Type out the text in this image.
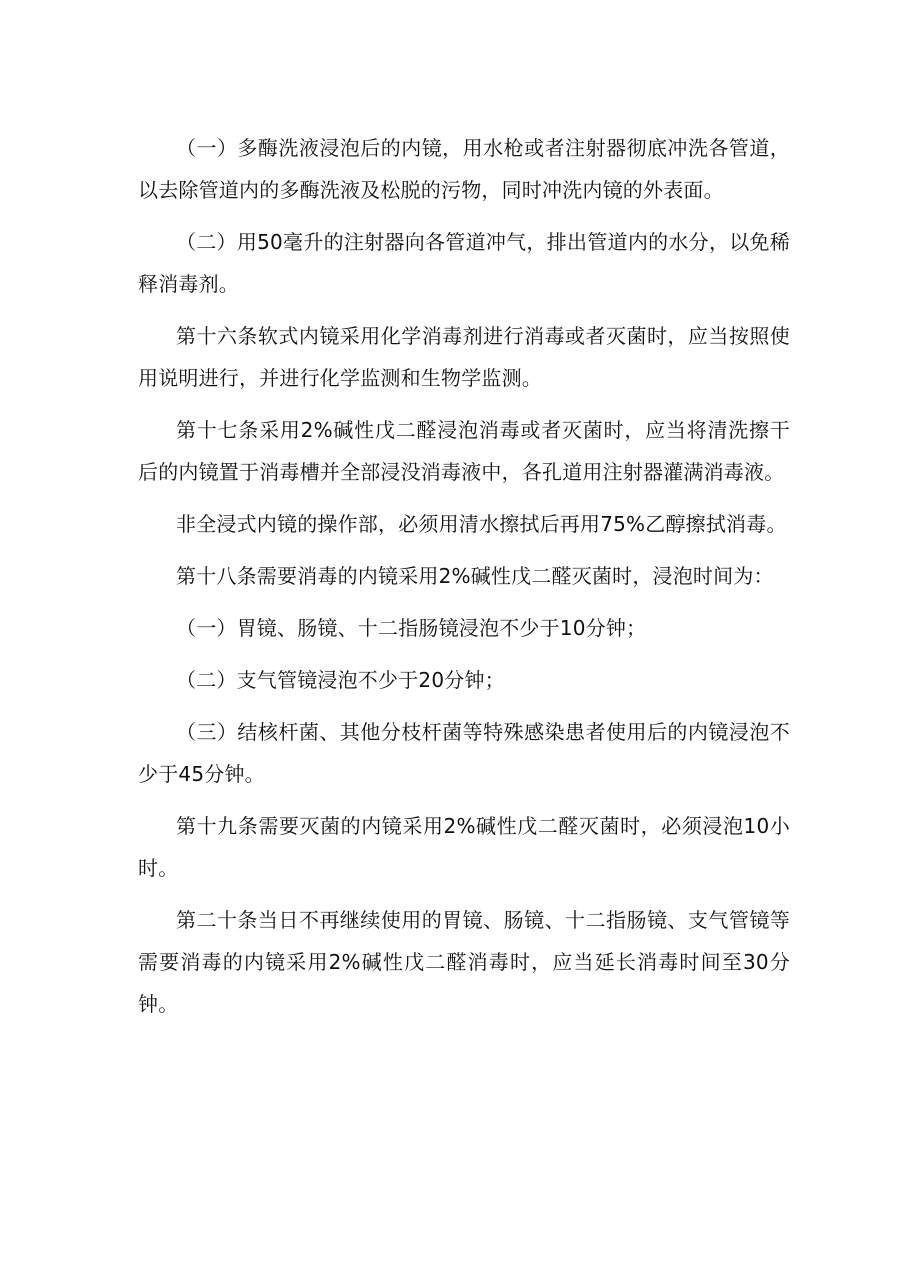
（一）多酶洗液浸泡后的内镜，用水枪或者注射器彻底冲洗各管道，以去除管道内的多酶洗液及松脱的污物，同时冲洗内镜的外表面。

（二）用50毫升的注射器向各管道冲气，排出管道内的水分，以免稀释消毒剂。

第十六条软式内镜采用化学消毒剂进行消毒或者灭菌时，应当按照使用说明进行，并进行化学监测和生物学监测。

第十七条采用2%碱性戊二醛浸泡消毒或者灭菌时，应当将清洗擦干后的内镜置于消毒槽并全部浸没消毒液中，各孔道用注射器灌满消毒液。

非全浸式内镜的操作部，必须用清水擦拭后再用75%乙醇擦拭消毒。

第十八条需要消毒的内镜采用2%碱性戊二醛灭菌时，浸泡时间为：

（一）胃镜、肠镜、十二指肠镜浸泡不少于10分钟；

（二）支气管镜浸泡不少于20分钟；

（三）结核杆菌、其他分枝杆菌等特殊感染患者使用后的内镜浸泡不少于45分钟。

第十九条需要灭菌的内镜采用2%碱性戊二醛灭菌时，必须浸泡10小时。

第二十条当日不再继续使用的胃镜、肠镜、十二指肠镜、支气管镜等需要消毒的内镜采用2%碱性戊二醛消毒时，应当延长消毒时间至30分钟。
